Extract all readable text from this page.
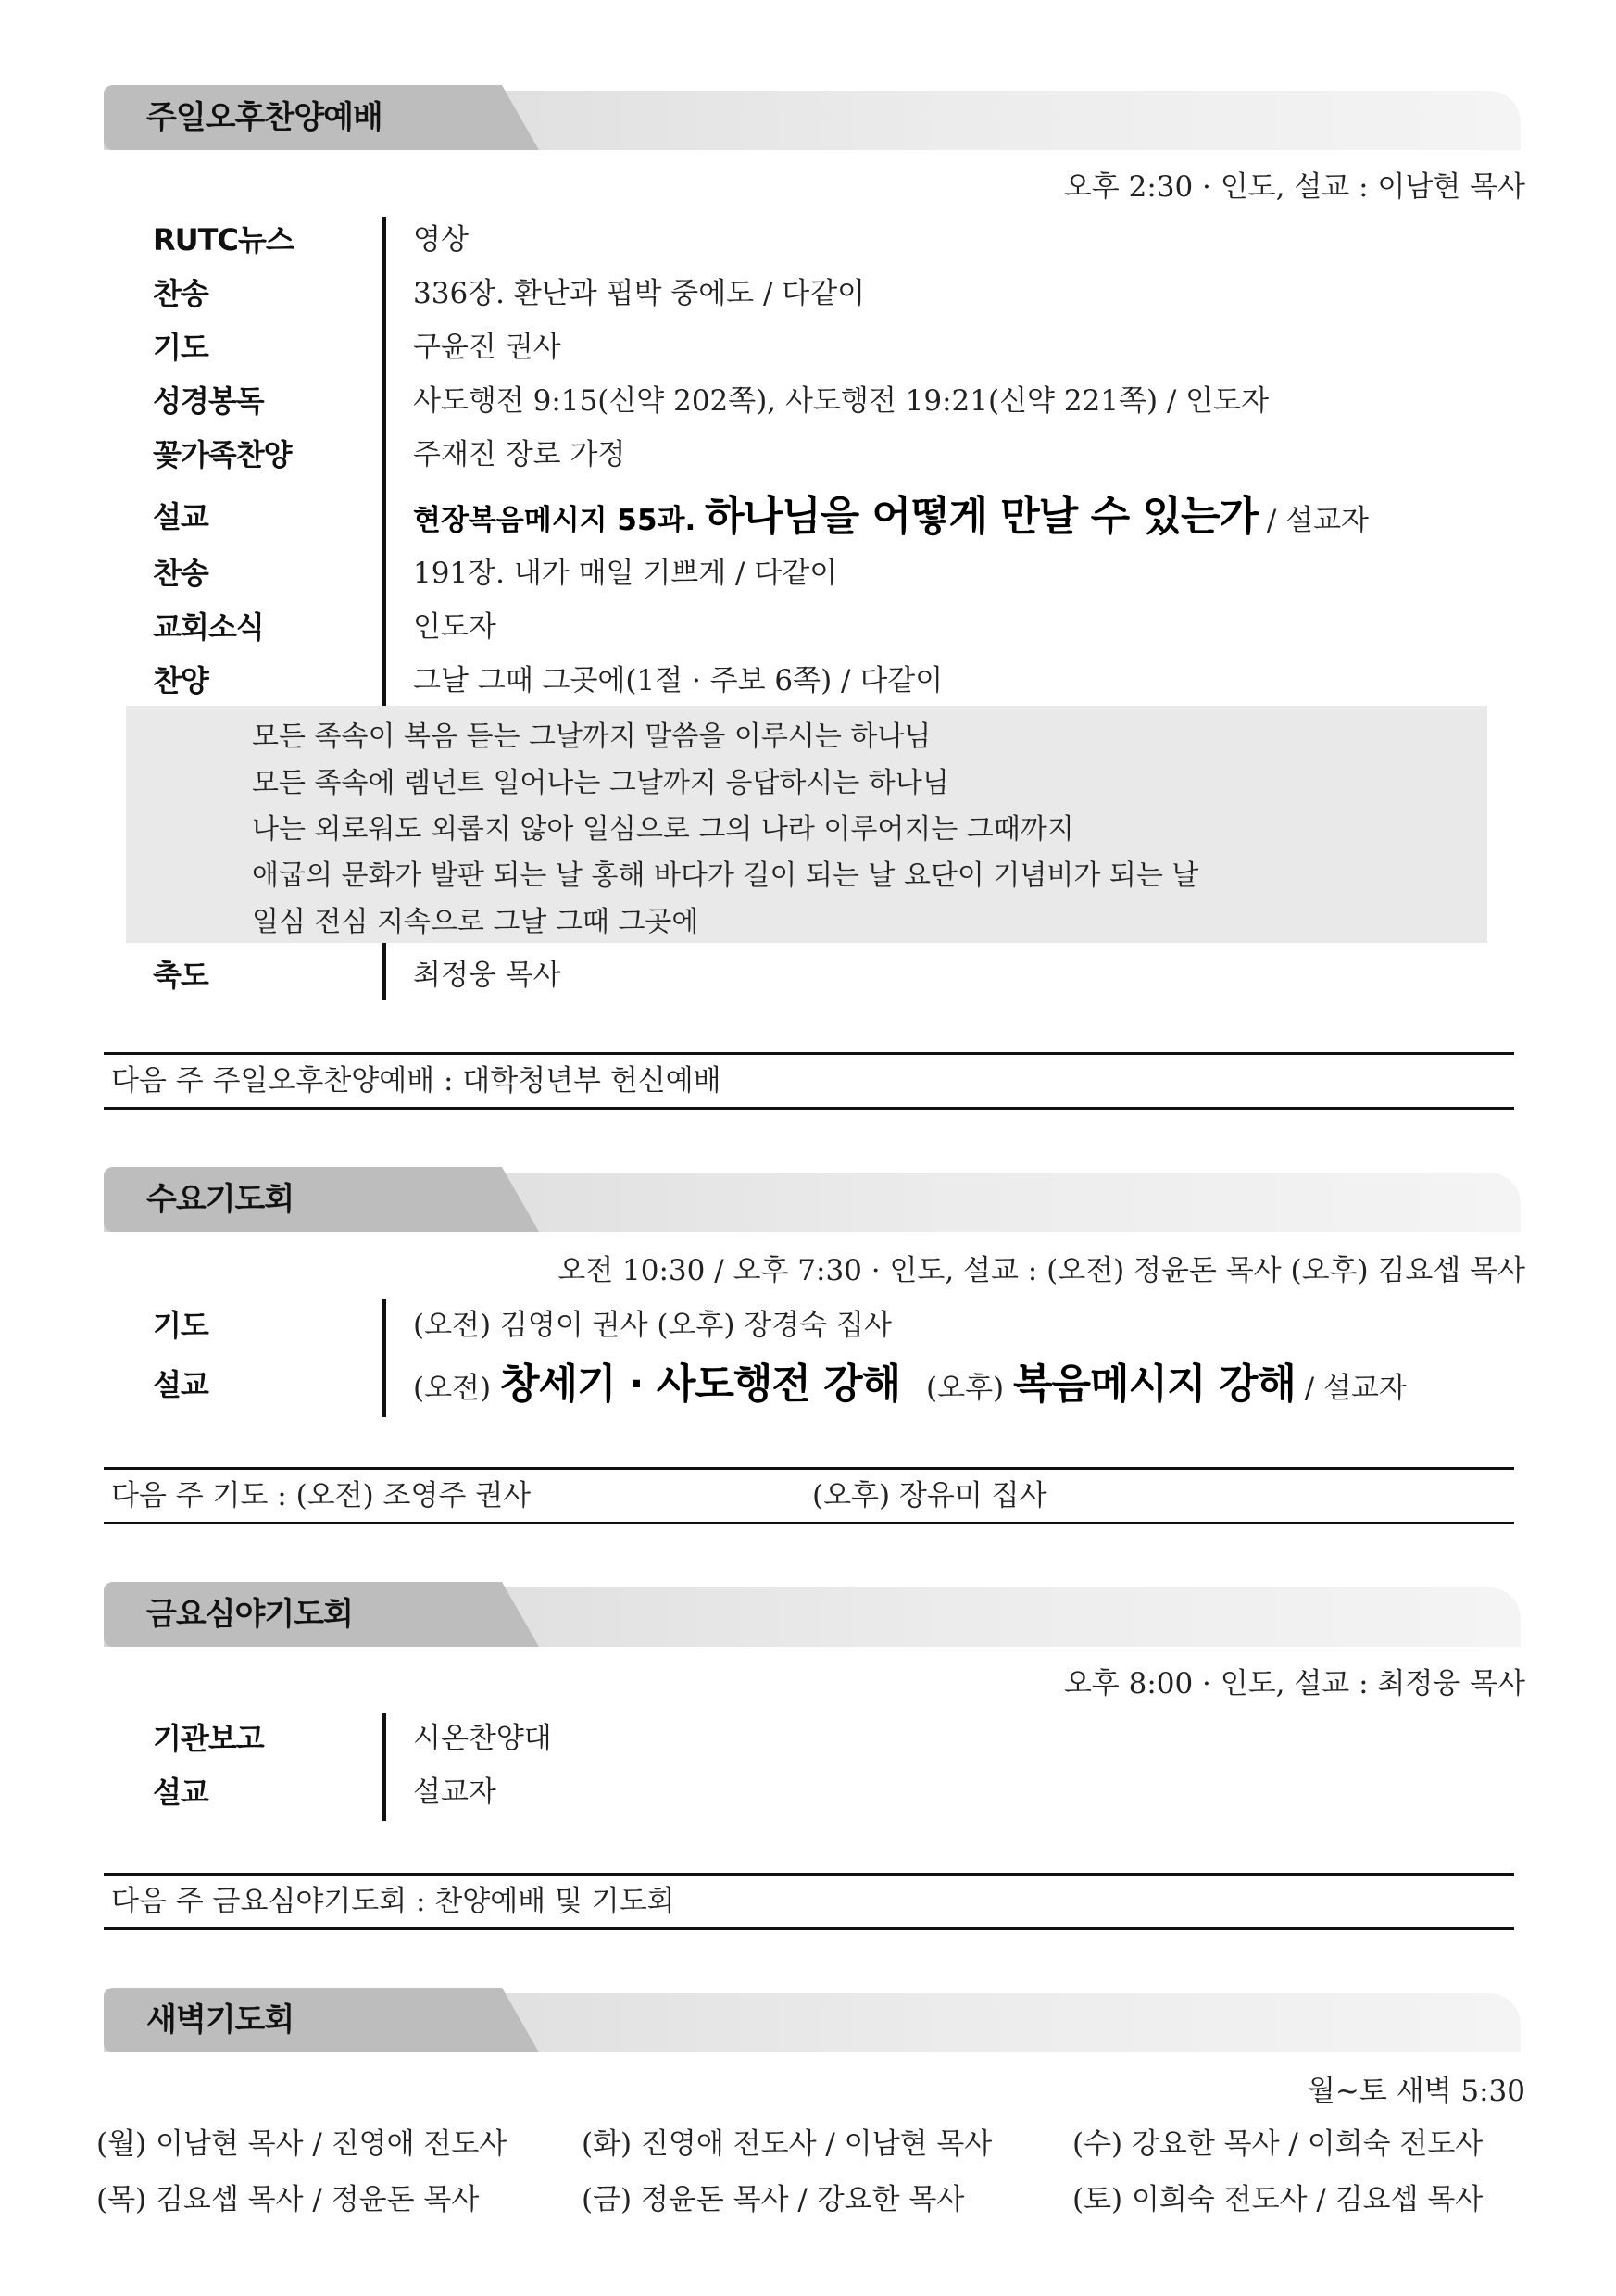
주일오후찬양예배
오후 2:30 · 인도, 설교 : 이남현 목사
RUTC뉴스	영상
찬송	336장. 환난과 핍박 중에도 / 다같이
기도	구윤진 권사
성경봉독	사도행전 9:15(신약 202쪽), 사도행전 19:21(신약 221쪽) / 인도자
꽃가족찬양	주재진 장로 가정
설교	현장복음메시지 55과. 하나님을 어떻게 만날 수 있는가 / 설교자
찬송	191장. 내가 매일 기쁘게 / 다같이
교회소식	인도자
찬양	그날 그때 그곳에(1절 · 주보 6쪽) / 다같이
모든 족속이 복음 듣는 그날까지 말씀을 이루시는 하나님
모든 족속에 렘넌트 일어나는 그날까지 응답하시는 하나님
나는 외로워도 외롭지 않아 일심으로 그의 나라 이루어지는 그때까지
애굽의 문화가 발판 되는 날 홍해 바다가 길이 되는 날 요단이 기념비가 되는 날
일심 전심 지속으로 그날 그때 그곳에
축도	최정웅 목사
다음 주 주일오후찬양예배 : 대학청년부 헌신예배
수요기도회
오전 10:30 / 오후 7:30 · 인도, 설교 : (오전) 정윤돈 목사 (오후) 김요셉 목사
기도	(오전) 김영이 권사 (오후) 장경숙 집사
설교	(오전) 창세기 · 사도행전 강해 (오후) 복음메시지 강해 / 설교자
다음 주 기도 : (오전) 조영주 권사	(오후) 장유미 집사
금요심야기도회
오후 8:00 · 인도, 설교 : 최정웅 목사
기관보고	시온찬양대
설교	설교자
다음 주 금요심야기도회 : 찬양예배 및 기도회
새벽기도회
월~토 새벽 5:30
(월) 이남현 목사 / 진영애 전도사	(화) 진영애 전도사 / 이남현 목사	(수) 강요한 목사 / 이희숙 전도사
(목) 김요셉 목사 / 정윤돈 목사	(금) 정윤돈 목사 / 강요한 목사	(토) 이희숙 전도사 / 김요셉 목사
